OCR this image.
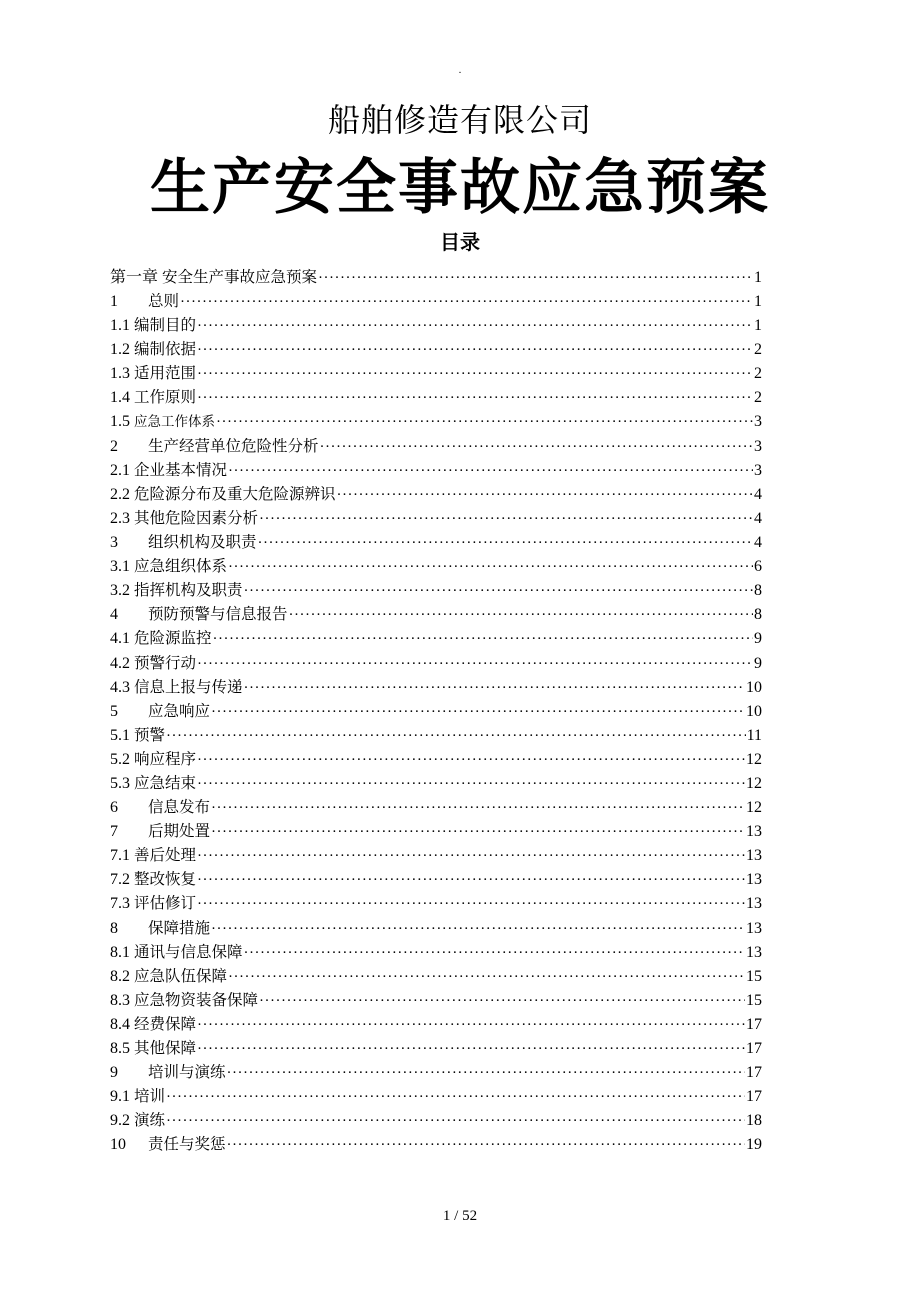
.
船舶修造有限公司
生产安全事故应急预案
目录
第一章 安全生产事故应急预案 ·····	1
1	总则 ·····	1
1.1 编制目的 ·····	1
1.2 编制依据 ·····	2
1.3 适用范围 ·····	2
1.4 工作原则 ·····	2
1.5 应急工作体系 ·····	3
2	生产经营单位危险性分析 ·····	3
2.1 企业基本情况 ·····	3
2.2 危险源分布及重大危险源辨识 ·····	4
2.3 其他危险因素分析 ·····	4
3	组织机构及职责 ·····	4
3.1 应急组织体系 ·····	6
3.2 指挥机构及职责 ·····	8
4	预防预警与信息报告 ·····	8
4.1 危险源监控 ·····	9
4.2 预警行动 ·····	9
4.3 信息上报与传递 ·····	10
5	应急响应 ·····	10
5.1 预警 ·····	11
5.2 响应程序 ·····	12
5.3 应急结束 ·····	12
6	信息发布 ·····	12
7	后期处置 ·····	13
7.1 善后处理 ·····	13
7.2 整改恢复 ·····	13
7.3 评估修订 ·····	13
8	保障措施 ·····	13
8.1 通讯与信息保障 ·····	13
8.2 应急队伍保障 ·····	15
8.3 应急物资装备保障 ·····	15
8.4 经费保障 ·····	17
8.5 其他保障 ·····	17
9	培训与演练 ·····	17
9.1 培训 ·····	17
9.2 演练 ·····	18
10	责任与奖惩 ·····	19
1 / 52
